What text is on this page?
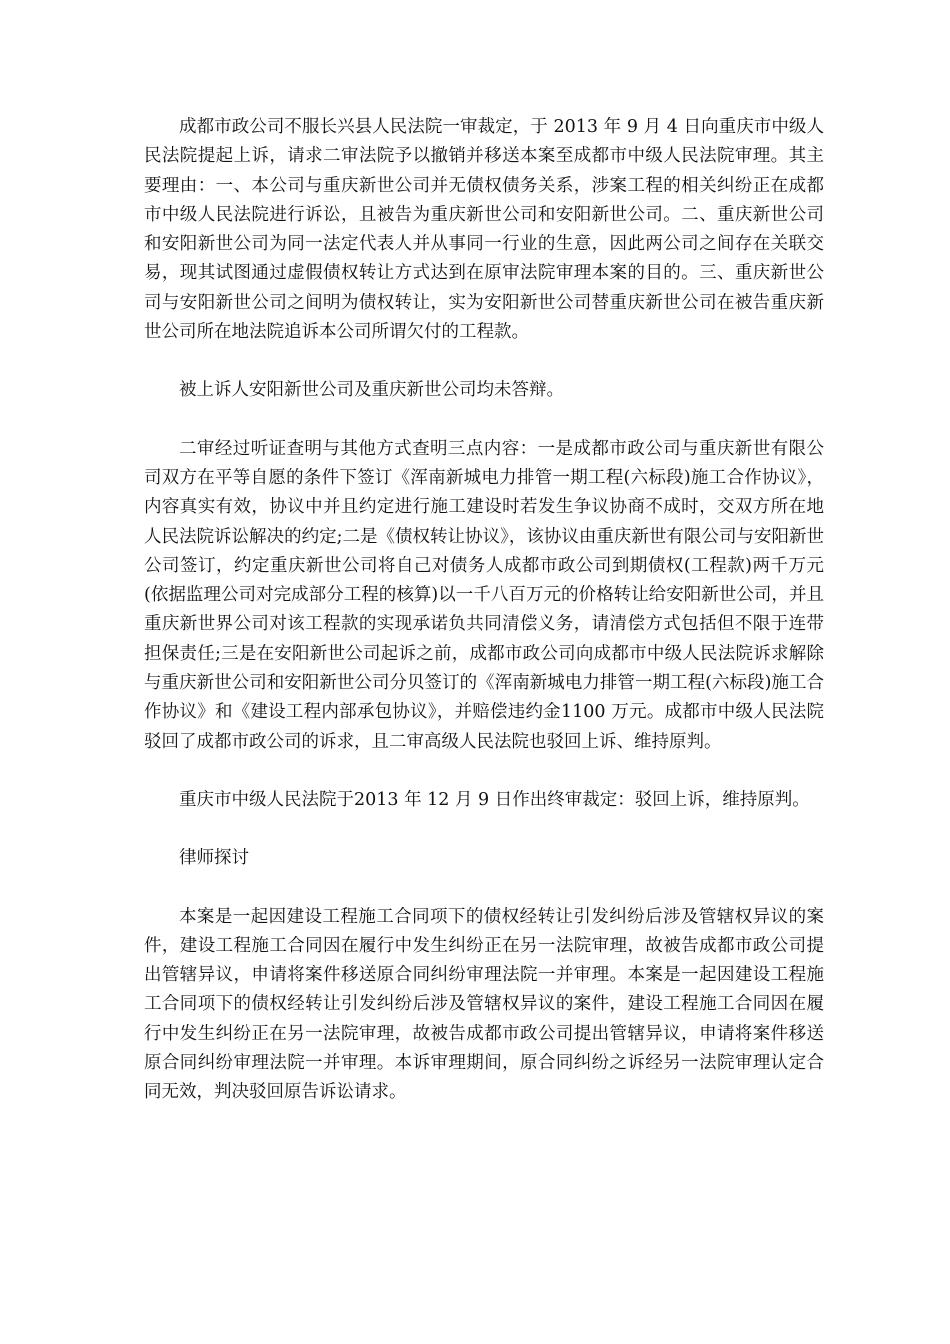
成都市政公司不服长兴县人民法院一审裁定，于 2013 年 9 月 4 日向重庆市中级人民法院提起上诉，请求二审法院予以撤销并移送本案至成都市中级人民法院审理。其主要理由：一、本公司与重庆新世公司并无债权债务关系，涉案工程的相关纠纷正在成都市中级人民法院进行诉讼，且被告为重庆新世公司和安阳新世公司。二、重庆新世公司和安阳新世公司为同一法定代表人并从事同一行业的生意，因此两公司之间存在关联交易，现其试图通过虚假债权转让方式达到在原审法院审理本案的目的。三、重庆新世公司与安阳新世公司之间明为债权转让，实为安阳新世公司替重庆新世公司在被告重庆新世公司所在地法院追诉本公司所谓欠付的工程款。

被上诉人安阳新世公司及重庆新世公司均未答辩。

二审经过听证查明与其他方式查明三点内容：一是成都市政公司与重庆新世有限公司双方在平等自愿的条件下签订《浑南新城电力排管一期工程(六标段)施工合作协议》，内容真实有效，协议中并且约定进行施工建设时若发生争议协商不成时，交双方所在地人民法院诉讼解决的约定;二是《债权转让协议》，该协议由重庆新世有限公司与安阳新世公司签订，约定重庆新世公司将自己对债务人成都市政公司到期债权(工程款)两千万元(依据监理公司对完成部分工程的核算)以一千八百万元的价格转让给安阳新世公司，并且重庆新世界公司对该工程款的实现承诺负共同清偿义务，请清偿方式包括但不限于连带担保责任;三是在安阳新世公司起诉之前，成都市政公司向成都市中级人民法院诉求解除与重庆新世公司和安阳新世公司分贝签订的《浑南新城电力排管一期工程(六标段)施工合作协议》和《建设工程内部承包协议》，并赔偿违约金1100 万元。成都市中级人民法院驳回了成都市政公司的诉求，且二审高级人民法院也驳回上诉、维持原判。

重庆市中级人民法院于2013 年 12 月 9 日作出终审裁定：驳回上诉，维持原判。

律师探讨

本案是一起因建设工程施工合同项下的债权经转让引发纠纷后涉及管辖权异议的案件，建设工程施工合同因在履行中发生纠纷正在另一法院审理，故被告成都市政公司提出管辖异议，申请将案件移送原合同纠纷审理法院一并审理。本案是一起因建设工程施工合同项下的债权经转让引发纠纷后涉及管辖权异议的案件，建设工程施工合同因在履行中发生纠纷正在另一法院审理，故被告成都市政公司提出管辖异议，申请将案件移送原合同纠纷审理法院一并审理。本诉审理期间，原合同纠纷之诉经另一法院审理认定合同无效，判决驳回原告诉讼请求。
